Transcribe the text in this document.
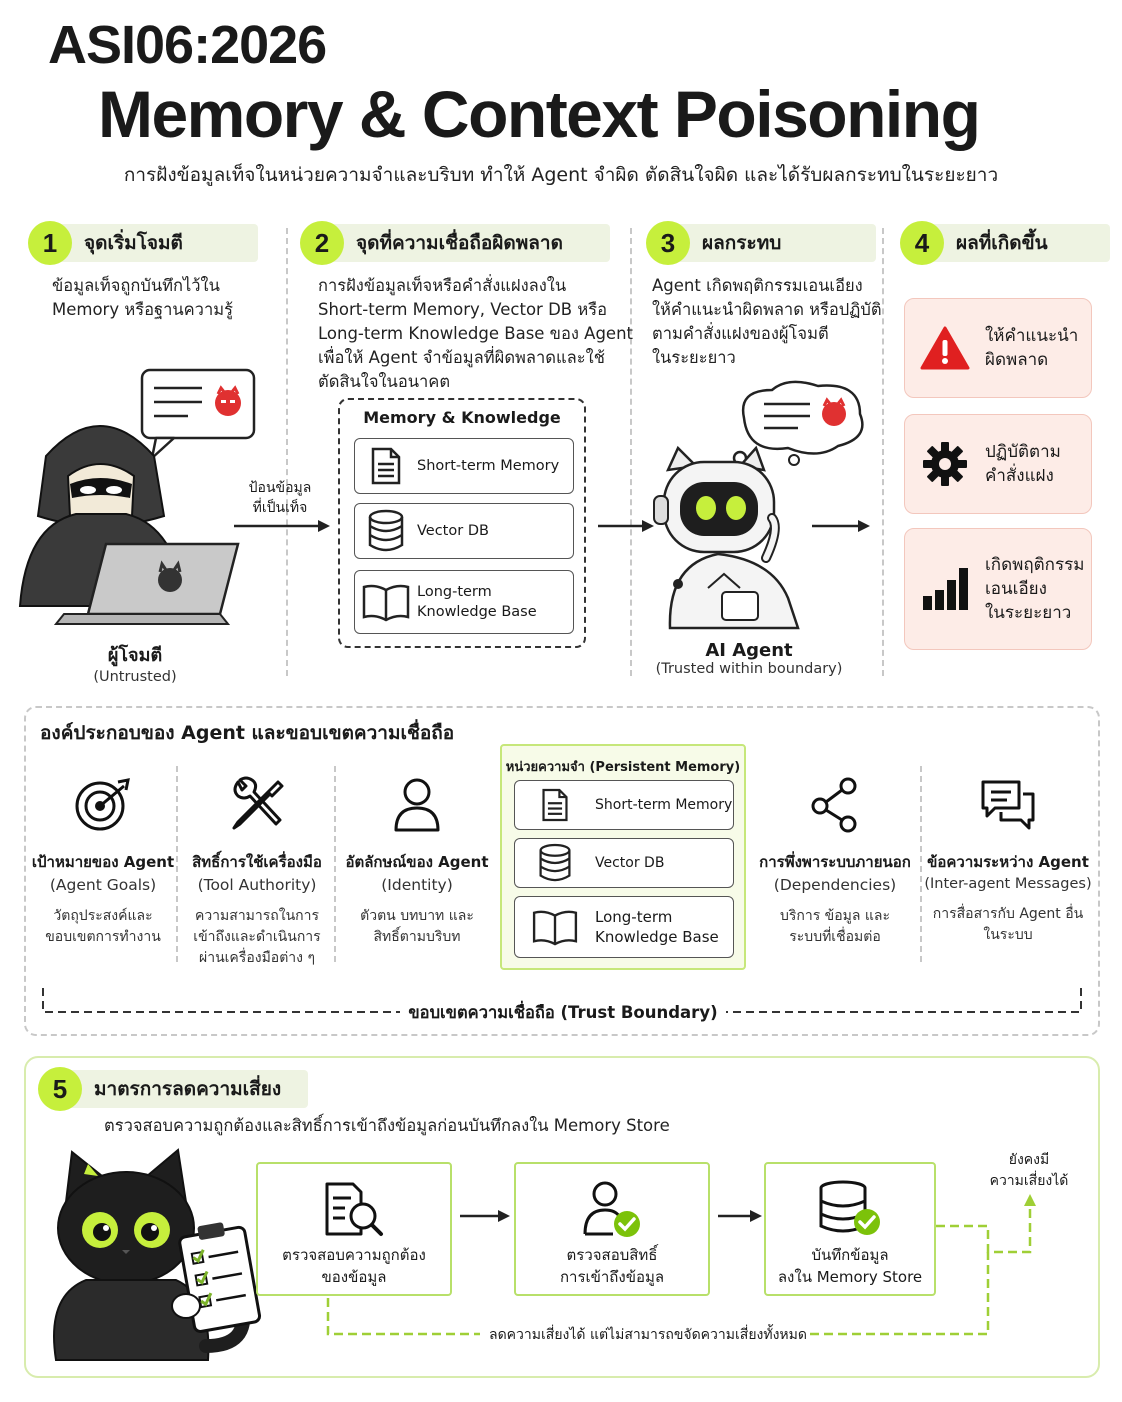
ASI06:2026
Memory & Context Poisoning
การฝังข้อมูลเท็จในหน่วยความจำและบริบท ทำให้ Agent จำผิด ตัดสินใจผิด และได้รับผลกระทบในระยะยาว
1	จุดเริ่มโจมตี	2	จุดที่ความเชื่อถือผิดพลาด	3	ผลกระทบ	4	ผลที่เกิดขึ้น
ข้อมูลเท็จถูกบันทึกไว้ใน
Memory หรือฐานความรู้
การฝังข้อมูลเท็จหรือคำสั่งแฝงลงใน
Short-term Memory, Vector DB หรือ
Long-term Knowledge Base ของ Agent
เพื่อให้ Agent จำข้อมูลที่ผิดพลาดและใช้
ตัดสินใจในอนาคต
Agent เกิดพฤติกรรมเอนเอียง
ให้คำแนะนำผิดพลาด หรือปฏิบัติ
ตามคำสั่งแฝงของผู้โจมตี
ในระยะยาว
ผู้โจมตี
(Untrusted)
ป้อนข้อมูล
ที่เป็นเท็จ
Memory & Knowledge
Short-term Memory
Vector DB
Long-term
Knowledge Base
AI Agent
(Trusted within boundary)
ให้คำแนะนำ
ผิดพลาด
ปฏิบัติตาม
คำสั่งแฝง
เกิดพฤติกรรม
เอนเอียง
ในระยะยาว
องค์ประกอบของ Agent และขอบเขตความเชื่อถือ
เป้าหมายของ Agent
(Agent Goals)
วัตถุประสงค์และ
ขอบเขตการทำงาน
สิทธิ์การใช้เครื่องมือ
(Tool Authority)
ความสามารถในการ
เข้าถึงและดำเนินการ
ผ่านเครื่องมือต่าง ๆ
อัตลักษณ์ของ Agent
(Identity)
ตัวตน บทบาท และ
สิทธิ์ตามบริบท
หน่วยความจำ (Persistent Memory)
Short-term Memory
Vector DB
Long-term
Knowledge Base
การพึ่งพาระบบภายนอก
(Dependencies)
บริการ ข้อมูล และ
ระบบที่เชื่อมต่อ
ข้อความระหว่าง Agent
(Inter-agent Messages)
การสื่อสารกับ Agent อื่น
ในระบบ
ขอบเขตความเชื่อถือ (Trust Boundary)
5	มาตรการลดความเสี่ยง
ตรวจสอบความถูกต้องและสิทธิ์การเข้าถึงข้อมูลก่อนบันทึกลงใน Memory Store
ตรวจสอบความถูกต้อง
ของข้อมูล
ตรวจสอบสิทธิ์
การเข้าถึงข้อมูล
บันทึกข้อมูล
ลงใน Memory Store
ยังคงมี
ความเสี่ยงได้
ลดความเสี่ยงได้ แต่ไม่สามารถขจัดความเสี่ยงทั้งหมด
